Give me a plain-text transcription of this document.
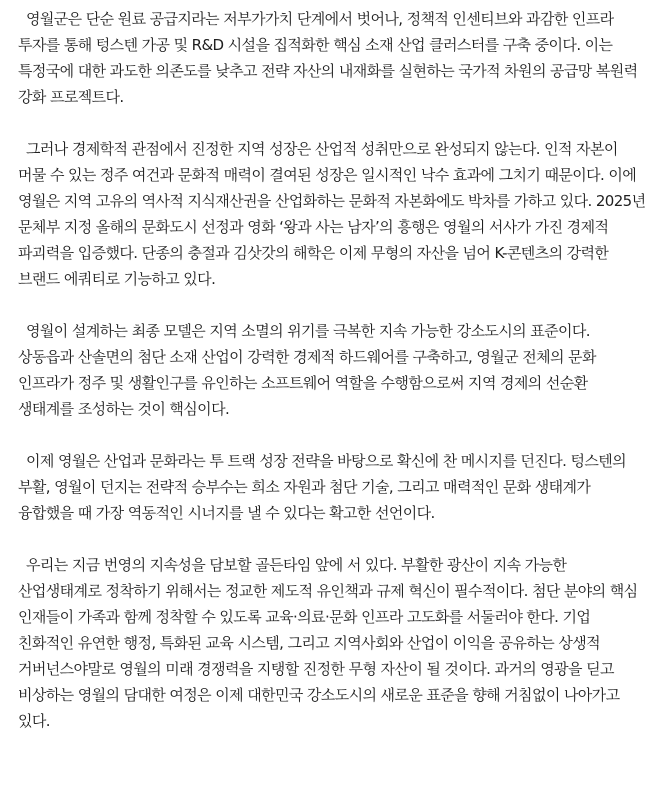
영월군은 단순 원료 공급지라는 저부가가치 단계에서 벗어나, 정책적 인센티브와 과감한 인프라 투자를 통해 텅스텐 가공 및 R&D 시설을 집적화한 핵심 소재 산업 클러스터를 구축 중이다. 이는 특정국에 대한 과도한 의존도를 낮추고 전략 자산의 내재화를 실현하는 국가적 차원의 공급망 복원력 강화 프로젝트다.

그러나 경제학적 관점에서 진정한 지역 성장은 산업적 성취만으로 완성되지 않는다. 인적 자본이 머물 수 있는 정주 여건과 문화적 매력이 결여된 성장은 일시적인 낙수 효과에 그치기 때문이다. 이에 영월은 지역 고유의 역사적 지식재산권을 산업화하는 문화적 자본화에도 박차를 가하고 있다. 2025년 문체부 지정 올해의 문화도시 선정과 영화 ‘왕과 사는 남자’의 흥행은 영월의 서사가 가진 경제적 파괴력을 입증했다. 단종의 충절과 김삿갓의 해학은 이제 무형의 자산을 넘어 K-콘텐츠의 강력한 브랜드 에쿼티로 기능하고 있다.

영월이 설계하는 최종 모델은 지역 소멸의 위기를 극복한 지속 가능한 강소도시의 표준이다. 상동읍과 산솔면의 첨단 소재 산업이 강력한 경제적 하드웨어를 구축하고, 영월군 전체의 문화 인프라가 정주 및 생활인구를 유인하는 소프트웨어 역할을 수행함으로써 지역 경제의 선순환 생태계를 조성하는 것이 핵심이다.

이제 영월은 산업과 문화라는 투 트랙 성장 전략을 바탕으로 확신에 찬 메시지를 던진다. 텅스텐의 부활, 영월이 던지는 전략적 승부수는 희소 자원과 첨단 기술, 그리고 매력적인 문화 생태계가 융합했을 때 가장 역동적인 시너지를 낼 수 있다는 확고한 선언이다.

우리는 지금 번영의 지속성을 담보할 골든타임 앞에 서 있다. 부활한 광산이 지속 가능한 산업생태계로 정착하기 위해서는 정교한 제도적 유인책과 규제 혁신이 필수적이다. 첨단 분야의 핵심 인재들이 가족과 함께 정착할 수 있도록 교육·의료·문화 인프라 고도화를 서둘러야 한다. 기업 친화적인 유연한 행정, 특화된 교육 시스템, 그리고 지역사회와 산업이 이익을 공유하는 상생적 거버넌스야말로 영월의 미래 경쟁력을 지탱할 진정한 무형 자산이 될 것이다. 과거의 영광을 딛고 비상하는 영월의 담대한 여정은 이제 대한민국 강소도시의 새로운 표준을 향해 거침없이 나아가고 있다.
